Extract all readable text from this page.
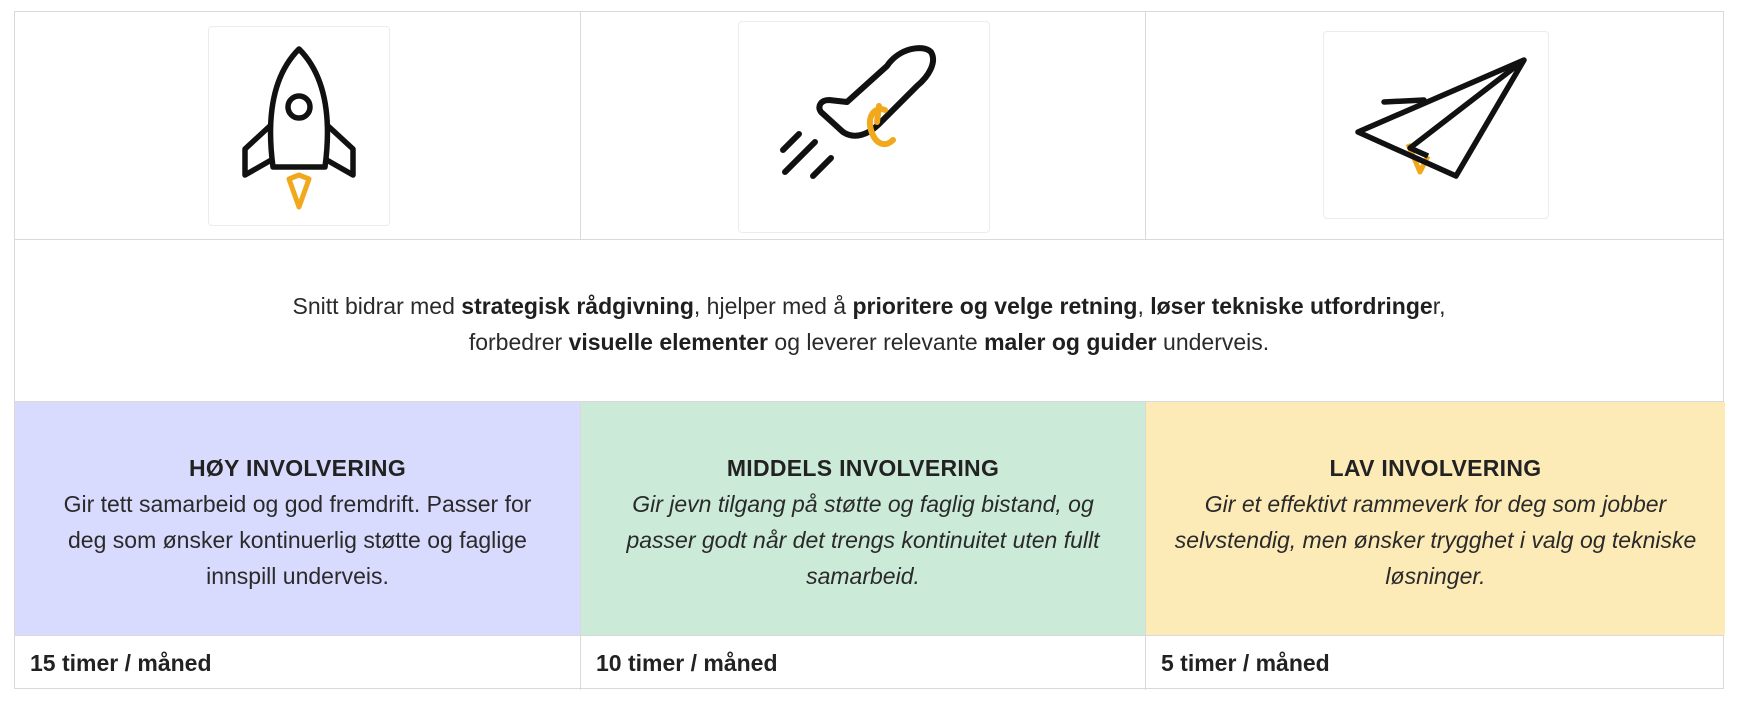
Snitt bidrar med strategisk rådgivning, hjelper med å prioritere og velge retning, løser tekniske utfordringer,
forbedrer visuelle elementer og leverer relevante maler og guider underveis.
HØY INVOLVERING
Gir tett samarbeid og god fremdrift. Passer for deg som ønsker kontinuerlig støtte og faglige innspill underveis.
MIDDELS INVOLVERING
Gir jevn tilgang på støtte og faglig bistand, og passer godt når det trengs kontinuitet uten fullt samarbeid.
LAV INVOLVERING
Gir et effektivt rammeverk for deg som jobber selvstendig, men ønsker trygghet i valg og tekniske løsninger.
15 timer / måned	10 timer / måned	5 timer / måned
